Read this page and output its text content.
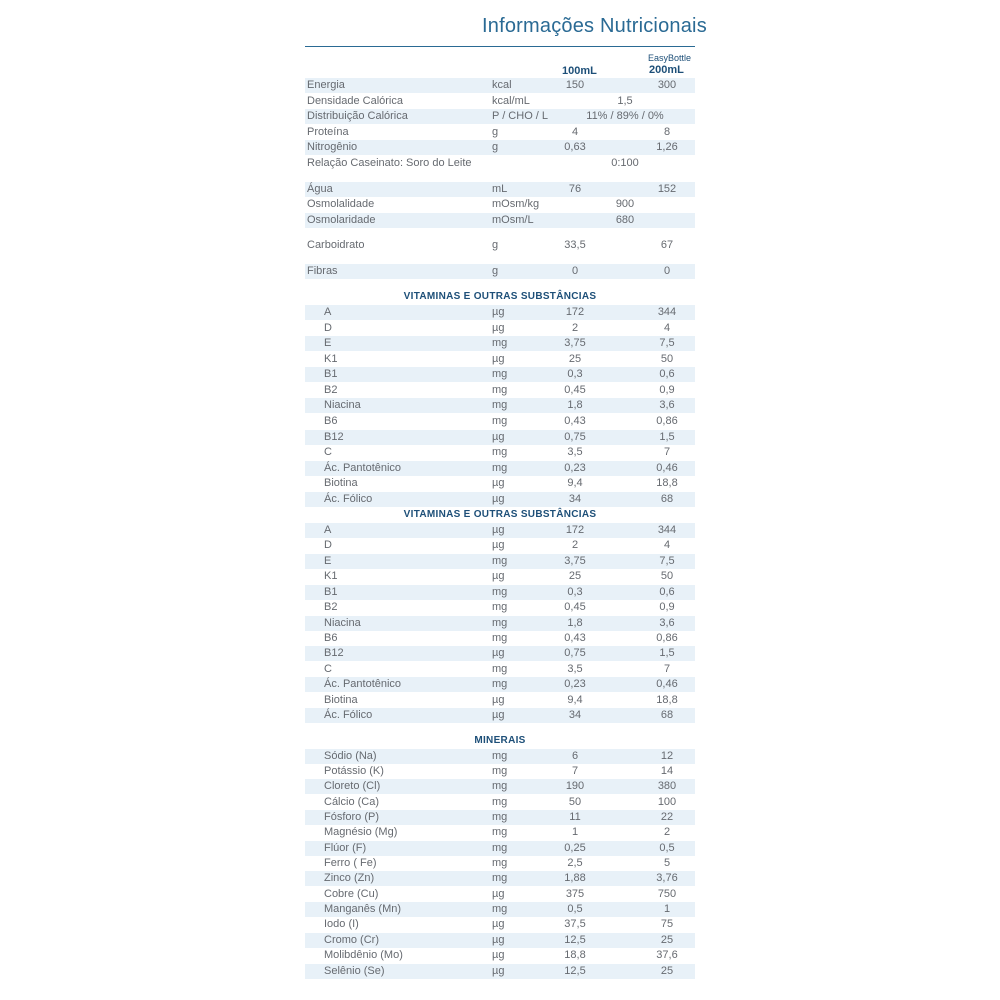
Informações Nutricionais
100mL
EasyBottle
200mL
Energia	kcal	150	300
Densidade Calórica	kcal/mL	1,5
Distribuição Calórica	P / CHO / L	11% / 89% / 0%
Proteína	g	4	8
Nitrogênio	g	0,63	1,26
Relação Caseinato: Soro do Leite	0:100
Água	mL	76	152
Osmolalidade	mOsm/kg	900
Osmolaridade	mOsm/L	680
Carboidrato	g	33,5	67
Fibras	g	0	0
A	µg	172	344
D	µg	2	4
E	mg	3,75	7,5
K1	µg	25	50
B1	mg	0,3	0,6
B2	mg	0,45	0,9
Niacina	mg	1,8	3,6
B6	mg	0,43	0,86
B12	µg	0,75	1,5
C	mg	3,5	7
Ác. Pantotênico	mg	0,23	0,46
Biotina	µg	9,4	18,8
Ác. Fólico	µg	34	68
A	µg	172	344
D	µg	2	4
E	mg	3,75	7,5
K1	µg	25	50
B1	mg	0,3	0,6
B2	mg	0,45	0,9
Niacina	mg	1,8	3,6
B6	mg	0,43	0,86
B12	µg	0,75	1,5
C	mg	3,5	7
Ác. Pantotênico	mg	0,23	0,46
Biotina	µg	9,4	18,8
Ác. Fólico	µg	34	68
Sódio (Na)	mg	6	12
Potássio (K)	mg	7	14
Cloreto (Cl)	mg	190	380
Cálcio (Ca)	mg	50	100
Fósforo (P)	mg	11	22
Magnésio (Mg)	mg	1	2
Flúor (F)	mg	0,25	0,5
Ferro ( Fe)	mg	2,5	5
Zinco (Zn)	mg	1,88	3,76
Cobre (Cu)	µg	375	750
Manganês (Mn)	mg	0,5	1
Iodo (I)	µg	37,5	75
Cromo (Cr)	µg	12,5	25
Molibdênio (Mo)	µg	18,8	37,6
Selênio (Se)	µg	12,5	25
VITAMINAS E OUTRAS SUBSTÂNCIAS
VITAMINAS E OUTRAS SUBSTÂNCIAS
MINERAIS
